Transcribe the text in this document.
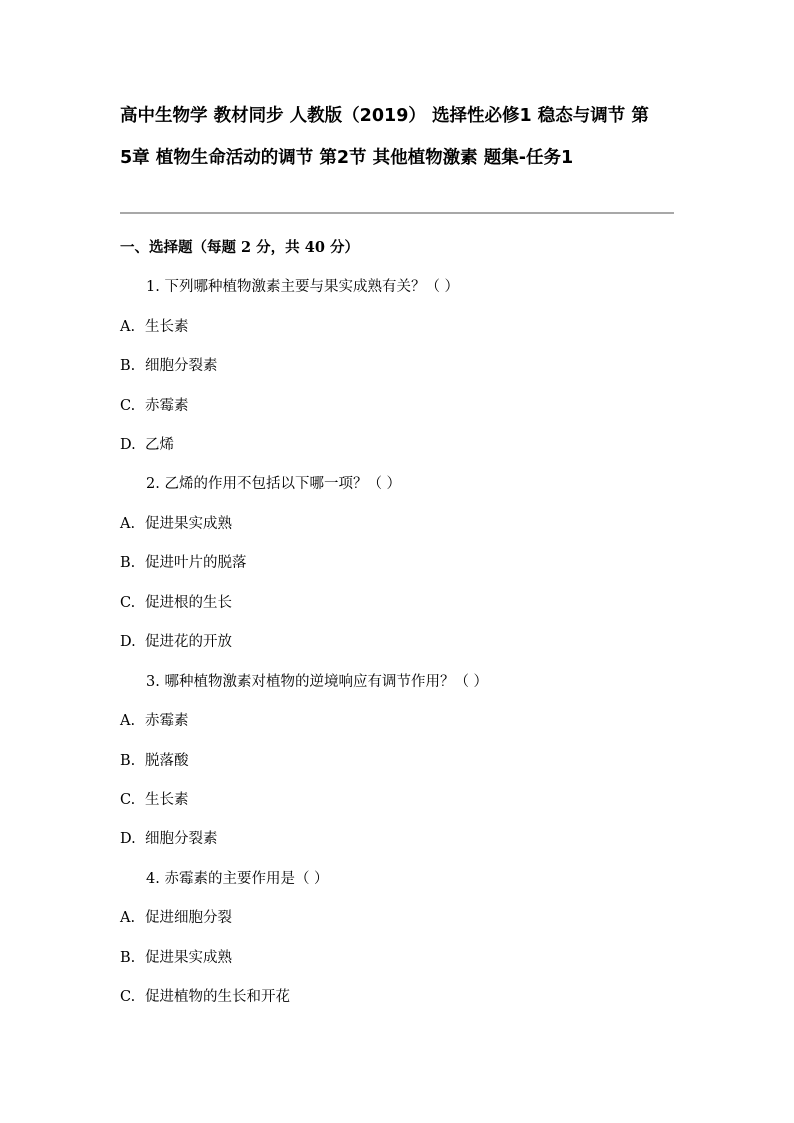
高中生物学 教材同步 人教版（2019） 选择性必修1 稳态与调节 第
5章 植物生命活动的调节 第2节 其他植物激素 题集-任务1
一、选择题（每题 2 分，共 40 分）
1. 下列哪种植物激素主要与果实成熟有关？（ ）
A. 生长素
B. 细胞分裂素
C. 赤霉素
D. 乙烯
2. 乙烯的作用不包括以下哪一项？（ ）
A. 促进果实成熟
B. 促进叶片的脱落
C. 促进根的生长
D. 促进花的开放
3. 哪种植物激素对植物的逆境响应有调节作用？（ ）
A. 赤霉素
B. 脱落酸
C. 生长素
D. 细胞分裂素
4. 赤霉素的主要作用是（ ）
A. 促进细胞分裂
B. 促进果实成熟
C. 促进植物的生长和开花
